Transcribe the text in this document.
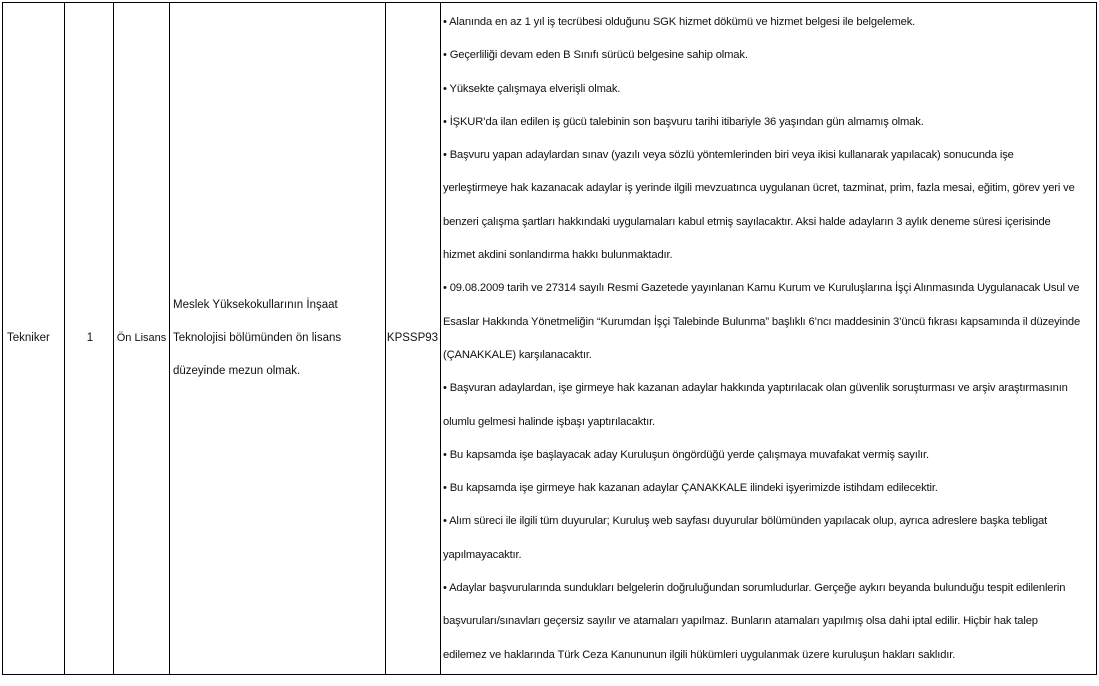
Tekniker	1 Ön Lisans
Meslek Yüksekokullarının İnşaat
Teknolojisi bölümünden ön lisans
düzeyinde mezun olmak.
KPSSP93
• Alanında en az 1 yıl iş tecrübesi olduğunu SGK hizmet dökümü ve hizmet belgesi ile belgelemek.
• Geçerliliği devam eden B Sınıfı sürücü belgesine sahip olmak.
• Yüksekte çalışmaya elverişli olmak.
• İŞKUR’da ilan edilen iş gücü talebinin son başvuru tarihi itibariyle 36 yaşından gün almamış olmak.
• Başvuru yapan adaylardan sınav (yazılı veya sözlü yöntemlerinden biri veya ikisi kullanarak yapılacak) sonucunda işe
yerleştirmeye hak kazanacak adaylar iş yerinde ilgili mevzuatınca uygulanan ücret, tazminat, prim, fazla mesai, eğitim, görev yeri ve
benzeri çalışma şartları hakkındaki uygulamaları kabul etmiş sayılacaktır. Aksi halde adayların 3 aylık deneme süresi içerisinde
hizmet akdini sonlandırma hakkı bulunmaktadır.
• 09.08.2009 tarih ve 27314 sayılı Resmi Gazetede yayınlanan Kamu Kurum ve Kuruluşlarına İşçi Alınmasında Uygulanacak Usul ve
Esaslar Hakkında Yönetmeliğin “Kurumdan İşçi Talebinde Bulunma” başlıklı 6’ncı maddesinin 3’üncü fıkrası kapsamında il düzeyinde
(ÇANAKKALE) karşılanacaktır.
• Başvuran adaylardan, işe girmeye hak kazanan adaylar hakkında yaptırılacak olan güvenlik soruşturması ve arşiv araştırmasının
olumlu gelmesi halinde işbaşı yaptırılacaktır.
• Bu kapsamda işe başlayacak aday Kuruluşun öngördüğü yerde çalışmaya muvafakat vermiş sayılır.
• Bu kapsamda işe girmeye hak kazanan adaylar ÇANAKKALE ilindeki işyerimizde istihdam edilecektir.
• Alım süreci ile ilgili tüm duyurular; Kuruluş web sayfası duyurular bölümünden yapılacak olup, ayrıca adreslere başka tebligat
yapılmayacaktır.
• Adaylar başvurularında sundukları belgelerin doğruluğundan sorumludurlar. Gerçeğe aykırı beyanda bulunduğu tespit edilenlerin
başvuruları/sınavları geçersiz sayılır ve atamaları yapılmaz. Bunların atamaları yapılmış olsa dahi iptal edilir. Hiçbir hak talep
edilemez ve haklarında Türk Ceza Kanununun ilgili hükümleri uygulanmak üzere kuruluşun hakları saklıdır.
